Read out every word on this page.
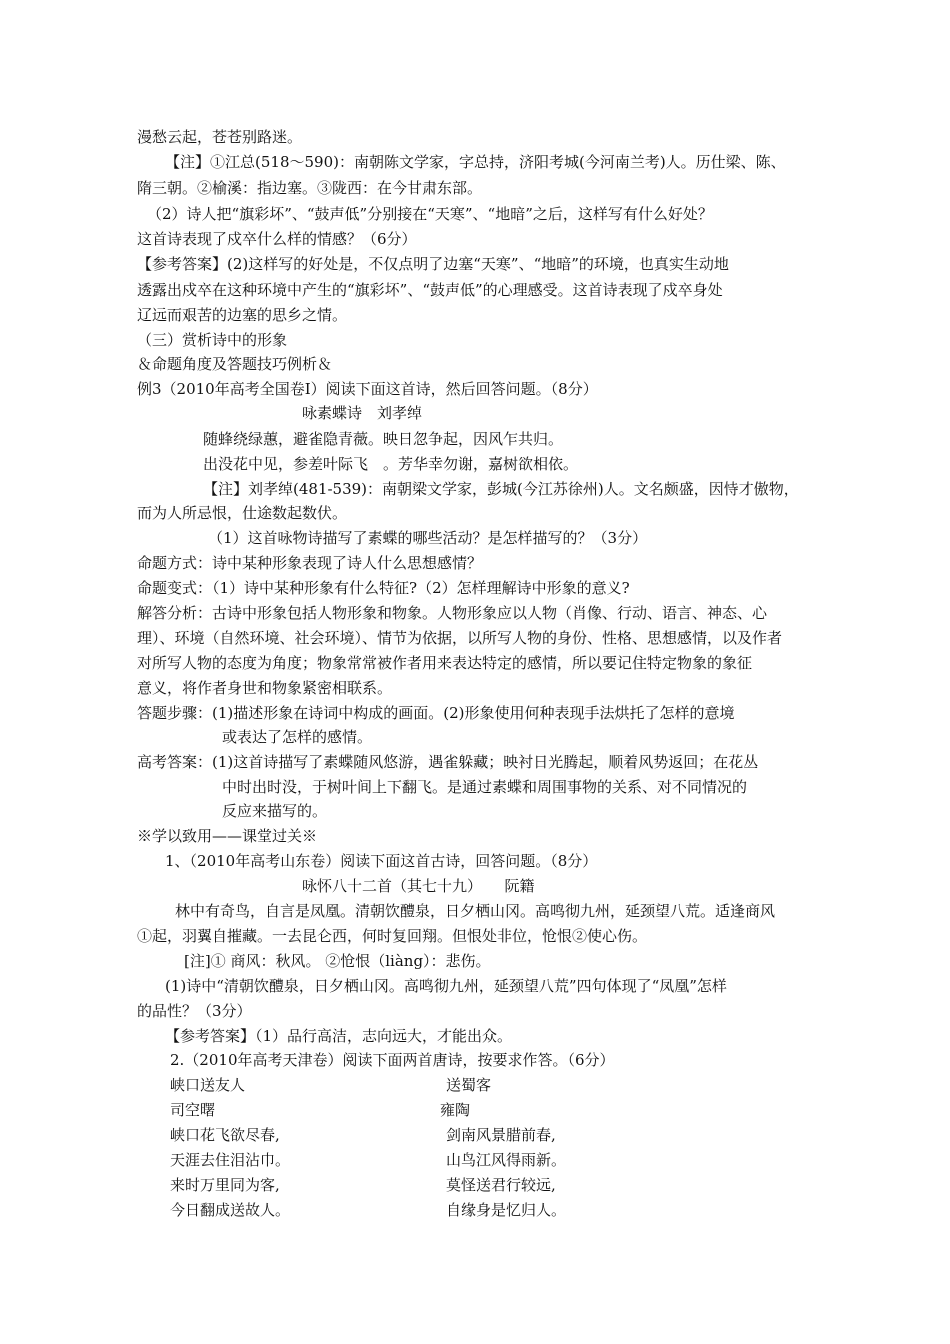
漫愁云起，苍苍别路迷。
【注】①江总(518～590)：南朝陈文学家，字总持，济阳考城(今河南兰考)人。历仕梁、陈、
隋三朝。②榆溪：指边塞。③陇西：在今甘肃东部。
（2）诗人把“旗彩坏”、“鼓声低”分别接在“天寒”、“地暗”之后，这样写有什么好处？
这首诗表现了戍卒什么样的情感？（6分）
【参考答案】(2)这样写的好处是，不仅点明了边塞“天寒”、“地暗”的环境，也真实生动地
透露出戍卒在这种环境中产生的“旗彩坏”、“鼓声低”的心理感受。这首诗表现了戍卒身处
辽远而艰苦的边塞的思乡之情。
（三）赏析诗中的形象
＆命题角度及答题技巧例析＆
例3（2010年高考全国卷Ⅰ）阅读下面这首诗，然后回答问题。（8分）
咏素蝶诗　刘孝绰
随蜂绕绿蕙，避雀隐青薇。映日忽争起，因风乍共归。
出没花中见，参差叶际飞　。芳华幸勿谢，嘉树欲相依。
【注】刘孝绰(481-539)：南朝梁文学家，彭城(今江苏徐州)人。文名颇盛，因恃才傲物，
而为人所忌恨，仕途数起数伏。
（1）这首咏物诗描写了素蝶的哪些活动？是怎样描写的？（3分）
命题方式：诗中某种形象表现了诗人什么思想感情？
命题变式：（1）诗中某种形象有什么特征?（2）怎样理解诗中形象的意义?
解答分析：古诗中形象包括人物形象和物象。人物形象应以人物（肖像、行动、语言、神态、心
理）、环境（自然环境、社会环境）、情节为依据，以所写人物的身份、性格、思想感情，以及作者
对所写人物的态度为角度；物象常常被作者用来表达特定的感情，所以要记住特定物象的象征
意义，将作者身世和物象紧密相联系。
答题步骤：(1)描述形象在诗词中构成的画面。(2)形象使用何种表现手法烘托了怎样的意境
或表达了怎样的感情。
高考答案：(1)这首诗描写了素蝶随风悠游，遇雀躲藏；映衬日光腾起，顺着风势返回；在花丛
中时出时没，于树叶间上下翻飞。是通过素蝶和周围事物的关系、对不同情况的
反应来描写的。
※学以致用——课堂过关※
1、（2010年高考山东卷）阅读下面这首古诗，回答问题。（8分）
咏怀八十二首（其七十九）　　阮籍
林中有奇鸟，自言是凤凰。清朝饮醴泉，日夕栖山冈。高鸣彻九州，延颈望八荒。适逢商风
①起，羽翼自摧藏。一去昆仑西，何时复回翔。但恨处非位，怆恨②使心伤。
[注]① 商风：秋风。 ②怆恨（liàng）：悲伤。
(1)诗中“清朝饮醴泉，日夕栖山冈。高鸣彻九州，延颈望八荒”四句体现了“凤凰”怎样
的品性？（3分）
【参考答案】（1）品行高洁，志向远大，才能出众。
2.（2010年高考天津卷）阅读下面两首唐诗，按要求作答。（6分）
峡口送友人
司空曙
峡口花飞欲尽春,
天涯去住泪沾巾。
来时万里同为客,
今日翻成送故人。
送蜀客
雍陶
剑南风景腊前春,
山鸟江风得雨新。
莫怪送君行较远,
自缘身是忆归人。
